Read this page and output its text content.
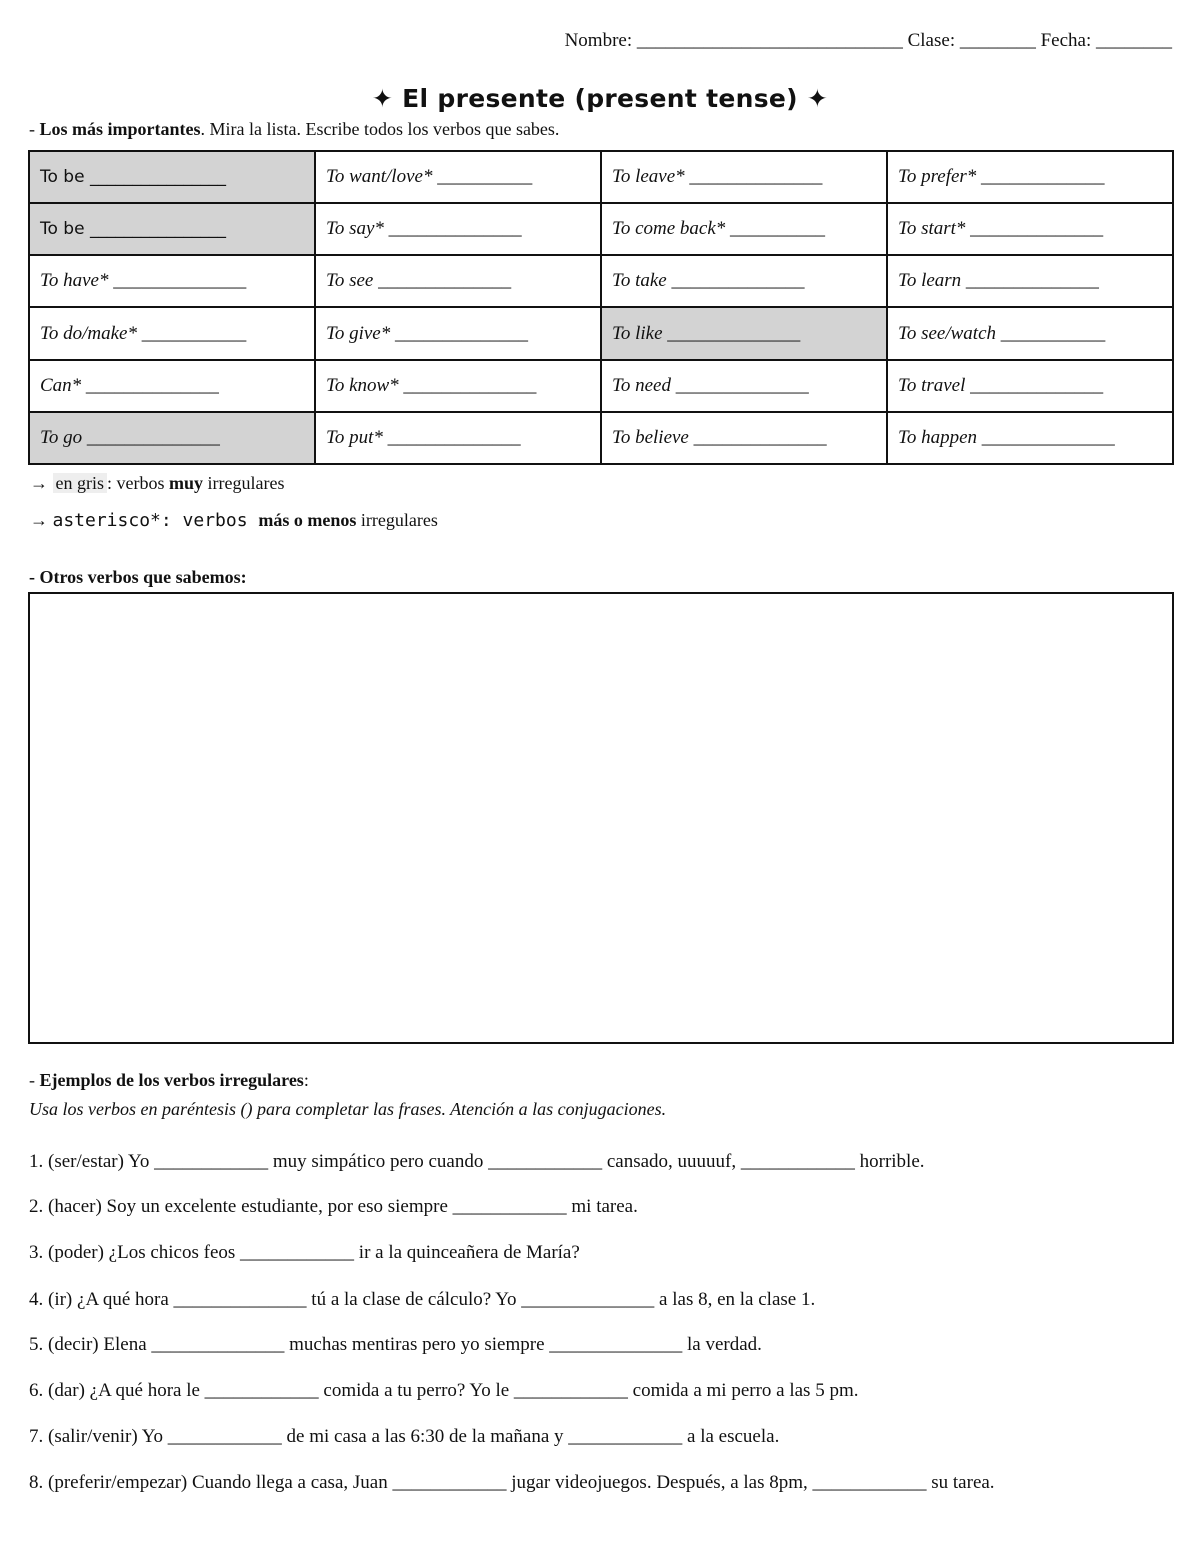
Nombre: ____________________________ Clase: ________ Fecha: ________
✦ El presente (present tense) ✦
- Los más importantes. Mira la lista. Escribe todos los verbos que sabes.
To be ________________	To want/love* __________	To leave* ______________	To prefer* _____________
To be ________________	To say* ______________	To come back* __________	To start* ______________
To have* ______________	To see ______________	To take ______________	To learn ______________
To do/make* ___________	To give* ______________	To like ______________	To see/watch ___________
Can* ______________	To know* ______________	To need ______________	To travel ______________
To go ______________	To put* ______________	To believe ______________	To happen ______________
→ en gris : verbos muy irregulares
→ asterisco*: verbos más o menos irregulares
- Otros verbos que sabemos:
- Ejemplos de los verbos irregulares:
Usa los verbos en paréntesis () para completar las frases. Atención a las conjugaciones.
1. (ser/estar) Yo ____________ muy simpático pero cuando ____________ cansado, uuuuuf, ____________ horrible.
2. (hacer) Soy un excelente estudiante, por eso siempre ____________ mi tarea.
3. (poder) ¿Los chicos feos ____________ ir a la quinceañera de María?
4. (ir) ¿A qué hora ______________ tú a la clase de cálculo? Yo ______________ a las 8, en la clase 1.
5. (decir) Elena ______________ muchas mentiras pero yo siempre ______________ la verdad.
6. (dar) ¿A qué hora le ____________ comida a tu perro? Yo le ____________ comida a mi perro a las 5 pm.
7. (salir/venir) Yo ____________ de mi casa a las 6:30 de la mañana y ____________ a la escuela.
8. (preferir/empezar) Cuando llega a casa, Juan ____________ jugar videojuegos. Después, a las 8pm, ____________ su tarea.
